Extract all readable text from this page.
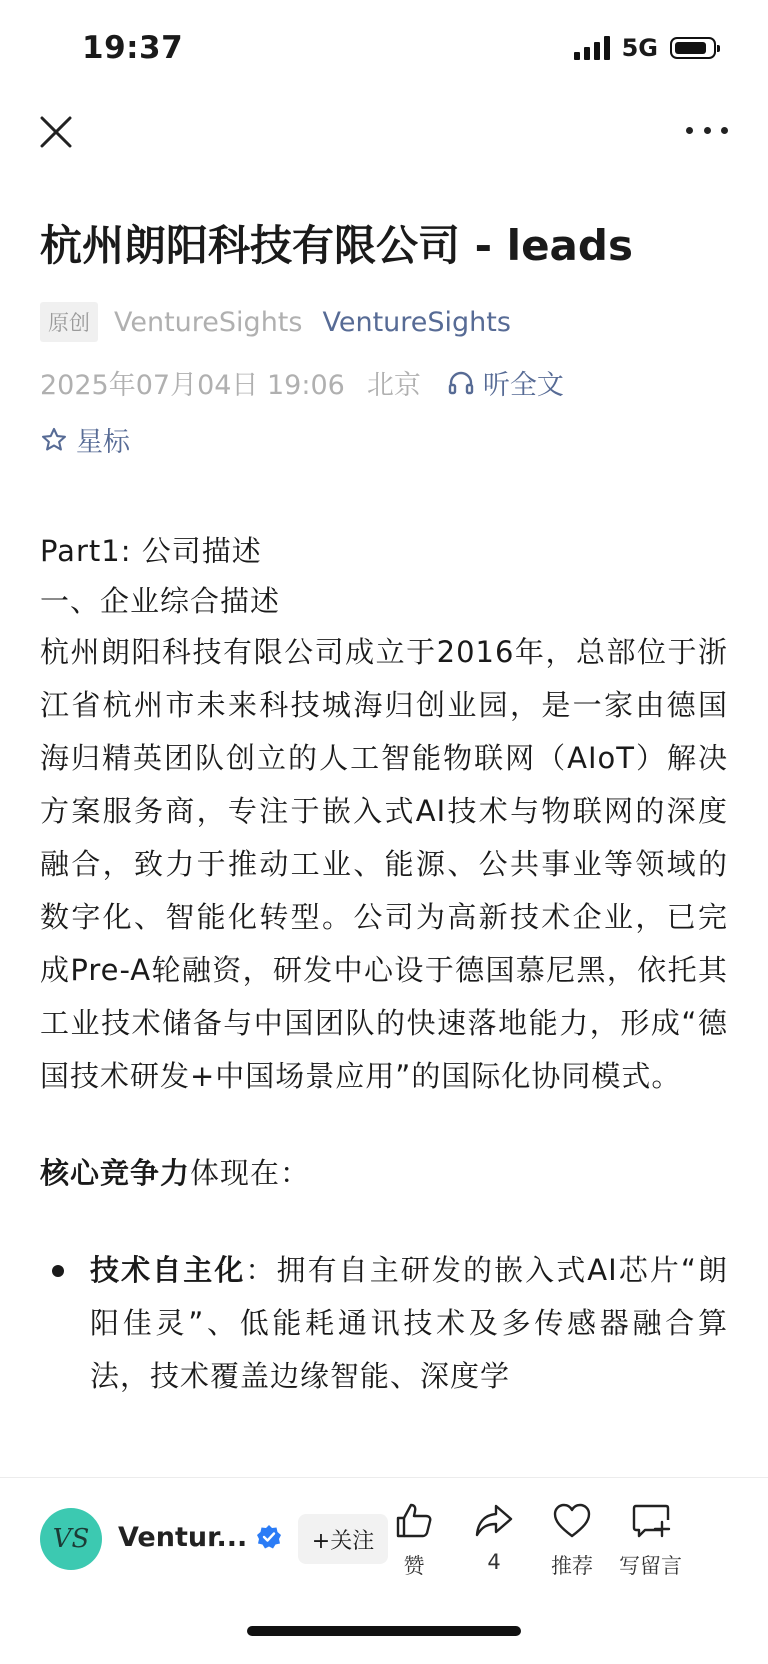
19:37	5G
杭州朗阳科技有限公司 - leads
原创 VentureSights VentureSights
2025年07月04日 19:06 北京 听全文
星标

Part1: 公司描述

一、企业综合描述

杭州朗阳科技有限公司成立于2016年，总部位于浙江省杭州市未来科技城海归创业园，是一家由德国海归精英团队创立的人工智能物联网（AIoT）解决方案服务商，专注于嵌入式AI技术与物联网的深度融合，致力于推动工业、能源、公共事业等领域的数字化、智能化转型。公司为高新技术企业，已完成Pre-A轮融资，研发中心设于德国慕尼黑，依托其工业技术储备与中国团队的快速落地能力，形成“德国技术研发+中国场景应用”的国际化协同模式。

核心竞争力体现在：

技术自主化：拥有自主研发的嵌入式AI芯片“朗阳佳灵”、低能耗通讯技术及多传感器融合算法，技术覆盖边缘智能、深度学
VS	Ventur...	+关注
赞	4 推荐 写留言
